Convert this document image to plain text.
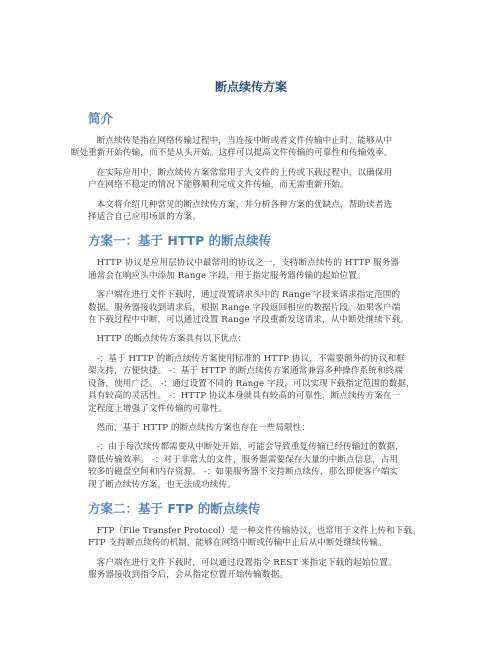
断点续传方案
简介

断点续传是指在网络传输过程中，当连接中断或者文件传输中止时，能够从中
断处重新开始传输，而不是从头开始。这样可以提高文件传输的可靠性和传输效率。

在实际应用中，断点续传方案常常用于大文件的上传或下载过程中，以确保用
户在网络不稳定的情况下能够顺利完成文件传输，而无需重新开始。

本文将介绍几种常见的断点续传方案，并分析各种方案的优缺点，帮助读者选
择适合自己应用场景的方案。

方案一：基于 HTTP 的断点续传

HTTP 协议是应用层协议中最常用的协议之一，支持断点续传的 HTTP 服务器
通常会在响应头中添加 Range 字段，用于指定服务器传输的起始位置。

客户端在进行文件下载时，通过设置请求头中的 Range 字段来请求指定范围的
数据。服务器接收到请求后，根据 Range 字段返回相应的数据片段。如果客户端
在下载过程中中断，可以通过设置 Range 字段重新发送请求，从中断处继续下载。

HTTP 的断点续传方案具有以下优点：

-：基于 HTTP 的断点续传方案使用标准的 HTTP 协议，不需要额外的协议和框
架支持，方便快捷。 -：基于 HTTP 的断点续传方案通常兼容多种操作系统和终端
设备，使用广泛。 -：通过设置不同的 Range 字段，可以实现下载指定范围的数据，
具有较高的灵活性。 -：HTTP 协议本身就具有较高的可靠性，断点续传方案在一
定程度上增强了文件传输的可靠性。

然而，基于 HTTP 的断点续传方案也存在一些局限性：

-：由于每次续传都需要从中断处开始，可能会导致重复传输已经传输过的数据，
降低传输效率。 -：对于非常大的文件，服务器需要保存大量的中断点信息，占用
较多的磁盘空间和内存资源。 -：如果服务器不支持断点续传，那么即使客户端实
现了断点续传方案，也无法成功续传。

方案二：基于 FTP 的断点续传

FTP（File Transfer Protocol）是一种文件传输协议，也常用于文件上传和下载。
FTP 支持断点续传的机制，能够在网络中断或传输中止后从中断处继续传输。

客户端在进行文件下载时，可以通过设置指令 REST 来指定下载的起始位置。
服务器接收到指令后，会从指定位置开始传输数据。
